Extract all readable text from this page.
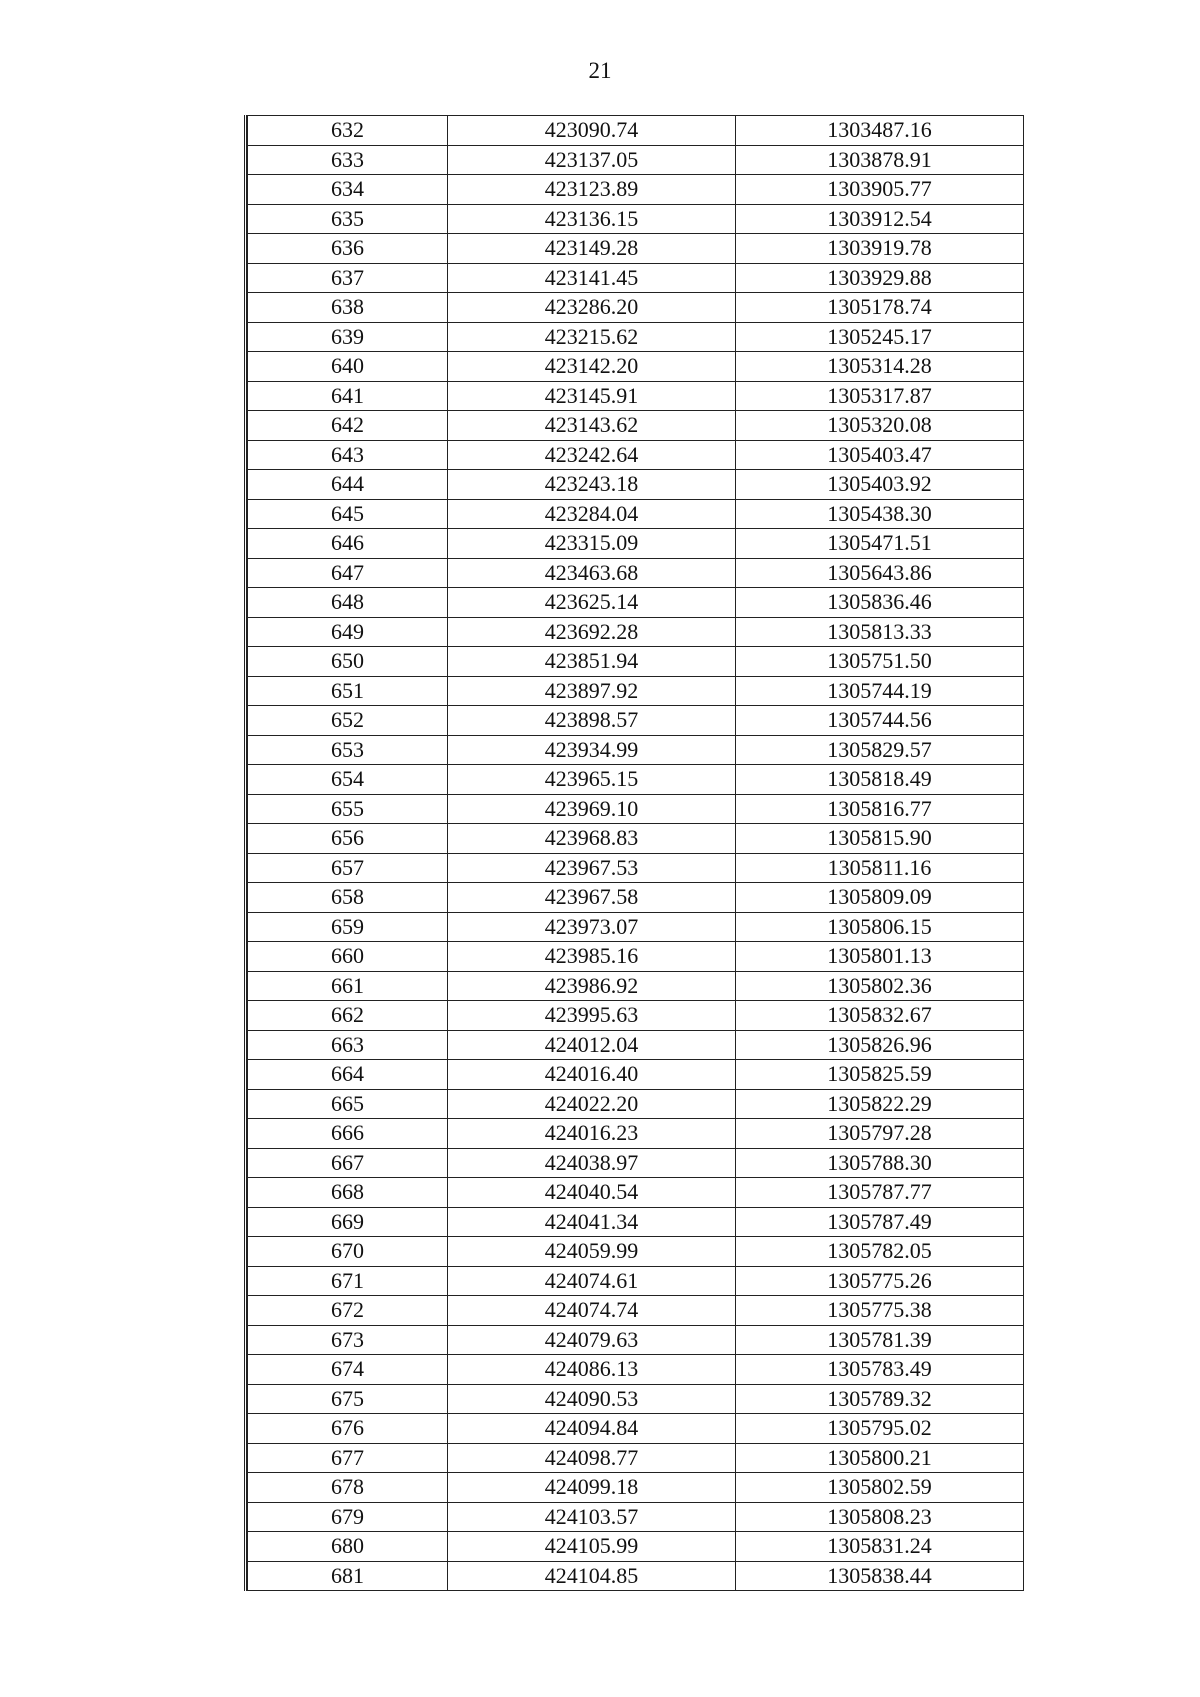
21
632	423090.74	1303487.16
633	423137.05	1303878.91
634	423123.89	1303905.77
635	423136.15	1303912.54
636	423149.28	1303919.78
637	423141.45	1303929.88
638	423286.20	1305178.74
639	423215.62	1305245.17
640	423142.20	1305314.28
641	423145.91	1305317.87
642	423143.62	1305320.08
643	423242.64	1305403.47
644	423243.18	1305403.92
645	423284.04	1305438.30
646	423315.09	1305471.51
647	423463.68	1305643.86
648	423625.14	1305836.46
649	423692.28	1305813.33
650	423851.94	1305751.50
651	423897.92	1305744.19
652	423898.57	1305744.56
653	423934.99	1305829.57
654	423965.15	1305818.49
655	423969.10	1305816.77
656	423968.83	1305815.90
657	423967.53	1305811.16
658	423967.58	1305809.09
659	423973.07	1305806.15
660	423985.16	1305801.13
661	423986.92	1305802.36
662	423995.63	1305832.67
663	424012.04	1305826.96
664	424016.40	1305825.59
665	424022.20	1305822.29
666	424016.23	1305797.28
667	424038.97	1305788.30
668	424040.54	1305787.77
669	424041.34	1305787.49
670	424059.99	1305782.05
671	424074.61	1305775.26
672	424074.74	1305775.38
673	424079.63	1305781.39
674	424086.13	1305783.49
675	424090.53	1305789.32
676	424094.84	1305795.02
677	424098.77	1305800.21
678	424099.18	1305802.59
679	424103.57	1305808.23
680	424105.99	1305831.24
681	424104.85	1305838.44
